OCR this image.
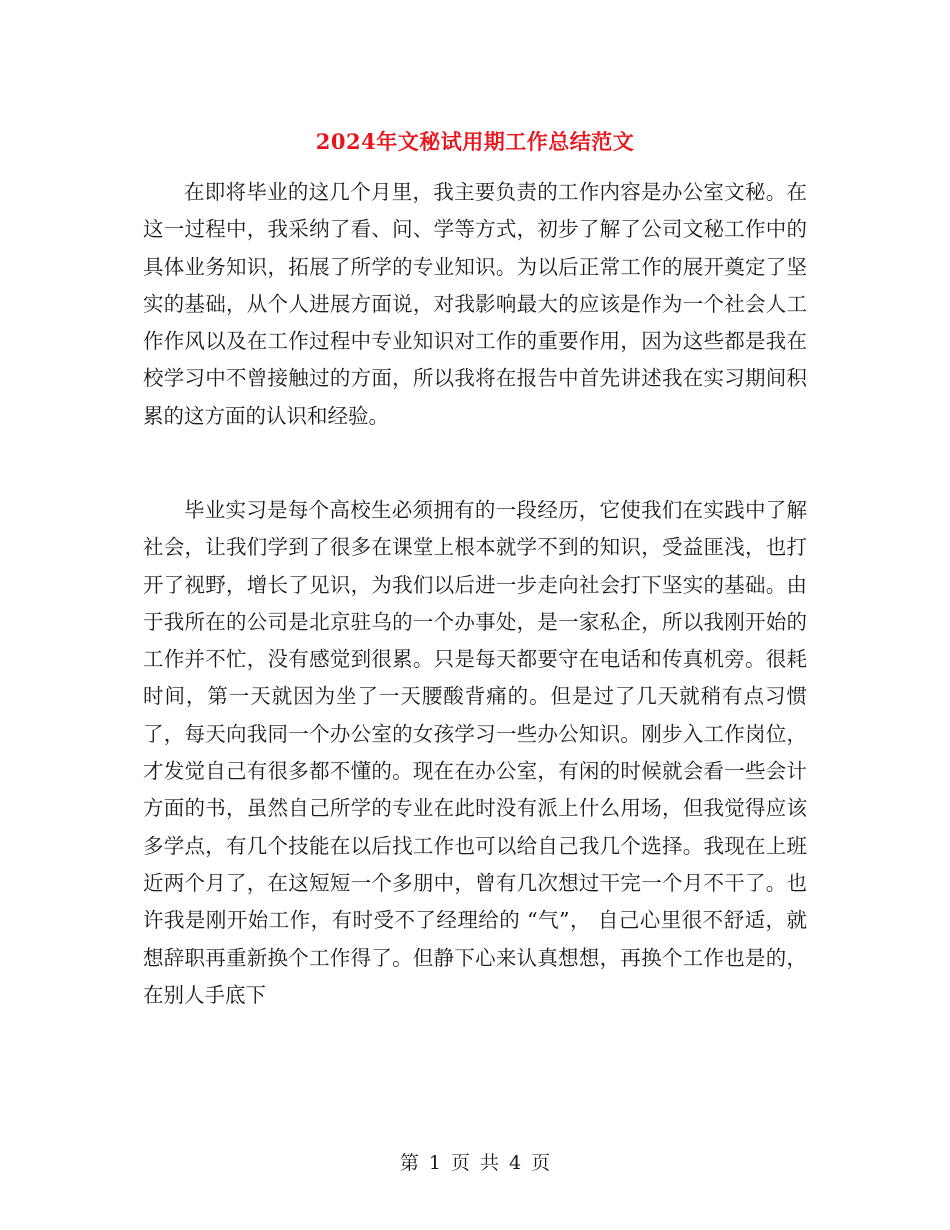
2024年文秘试用期工作总结范文

在即将毕业的这几个月里，我主要负责的工作内容是办公室文秘。在这一过程中，我采纳了看、问、学等方式，初步了解了公司文秘工作中的具体业务知识，拓展了所学的专业知识。为以后正常工作的展开奠定了坚实的基础，从个人进展方面说，对我影响最大的应该是作为一个社会人工作作风以及在工作过程中专业知识对工作的重要作用，因为这些都是我在校学习中不曾接触过的方面，所以我将在报告中首先讲述我在实习期间积累的这方面的认识和经验。

毕业实习是每个高校生必须拥有的一段经历，它使我们在实践中了解社会，让我们学到了很多在课堂上根本就学不到的知识，受益匪浅，也打开了视野，增长了见识，为我们以后进一步走向社会打下坚实的基础。由于我所在的公司是北京驻乌的一个办事处，是一家私企，所以我刚开始的工作并不忙，没有感觉到很累。只是每天都要守在电话和传真机旁。很耗时间，第一天就因为坐了一天腰酸背痛的。但是过了几天就稍有点习惯了，每天向我同一个办公室的女孩学习一些办公知识。刚步入工作岗位，才发觉自己有很多都不懂的。现在在办公室，有闲的时候就会看一些会计方面的书，虽然自己所学的专业在此时没有派上什么用场，但我觉得应该多学点，有几个技能在以后找工作也可以给自己我几个选择。我现在上班近两个月了，在这短短一个多朋中，曾有几次想过干完一个月不干了。也许我是刚开始工作，有时受不了经理给的 “气”， 自己心里很不舒适，就想辞职再重新换个工作得了。但静下心来认真想想，再换个工作也是的，在别人手底下

第 1 页 共 4 页
